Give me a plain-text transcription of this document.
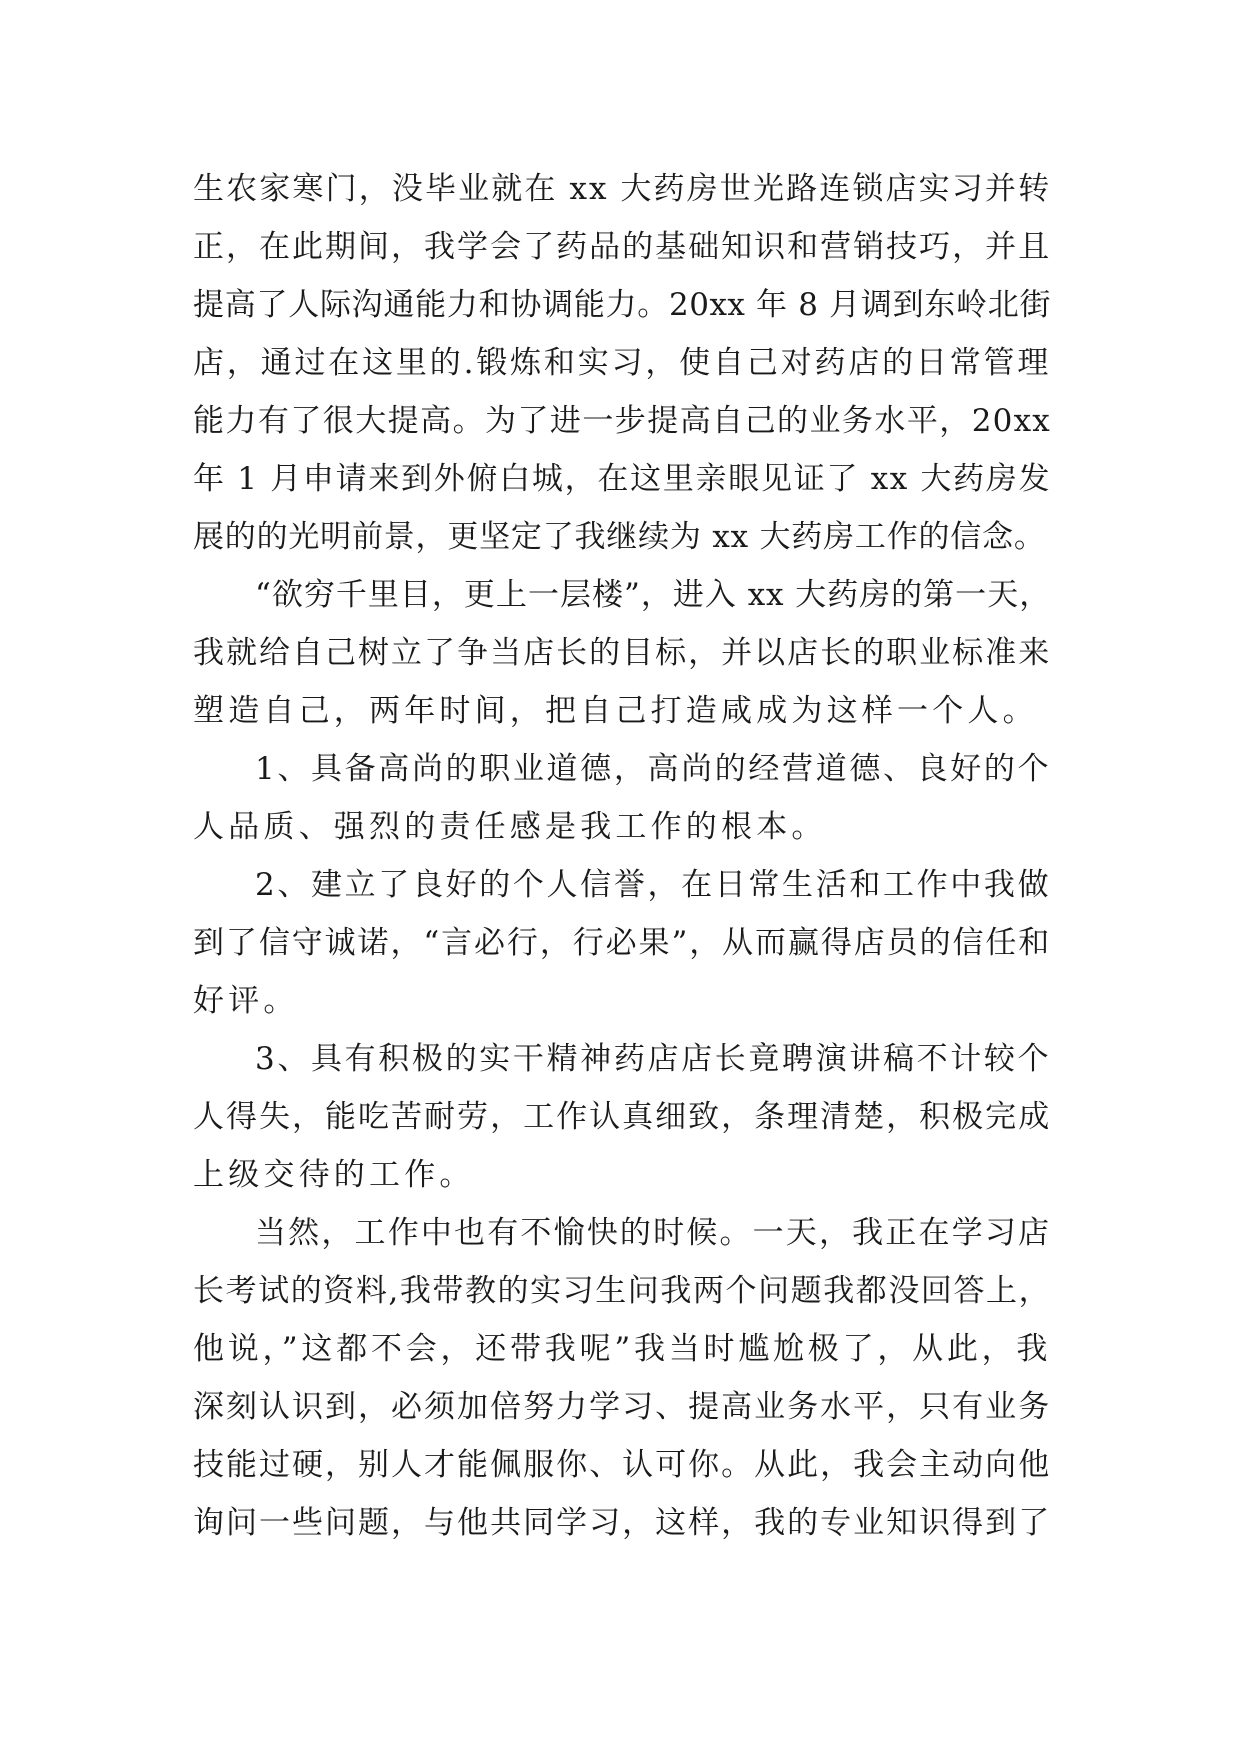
生农家寒门，没毕业就在 xx 大药房世光路连锁店实习并转
正，在此期间，我学会了药品的基础知识和营销技巧，并且
提高了人际沟通能力和协调能力。20xx 年 8 月调到东岭北街
店，通过在这里的.锻炼和实习，使自己对药店的日常管理
能力有了很大提高。为了进一步提高自己的业务水平，20xx
年 1 月申请来到外俯白城，在这里亲眼见证了 xx 大药房发
展的的光明前景，更坚定了我继续为 xx 大药房工作的信念。

“欲穷千里目，更上一层楼”，进入 xx 大药房的第一天，
我就给自己树立了争当店长的目标，并以店长的职业标准来
塑造自己，两年时间，把自己打造咸成为这样一个人。

1、具备高尚的职业道德，高尚的经营道德、良好的个
人品质、强烈的责任感是我工作的根本。

2、建立了良好的个人信誉，在日常生活和工作中我做
到了信守诚诺，“言必行，行必果”，从而赢得店员的信任和
好评。

3、具有积极的实干精神药店店长竟聘演讲稿不计较个
人得失，能吃苦耐劳，工作认真细致，条理清楚，积极完成
上级交待的工作。

当然，工作中也有不愉快的时候。一天，我正在学习店
长考试的资料,我带教的实习生问我两个问题我都没回答上，
他说，”这都不会，还带我呢”我当时尴尬极了，从此，我
深刻认识到，必须加倍努力学习、提高业务水平，只有业务
技能过硬，别人才能佩服你、认可你。从此，我会主动向他
询问一些问题，与他共同学习，这样，我的专业知识得到了
